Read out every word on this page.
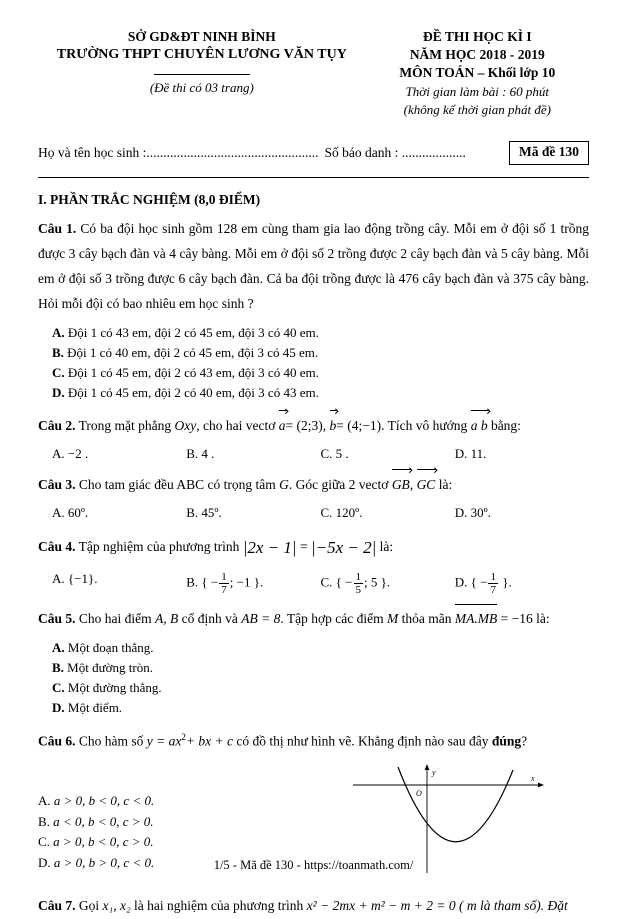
SỞ GD&ĐT NINH BÌNH
TRƯỜNG THPT CHUYÊN LƯƠNG VĂN TỤY
(Đề thi có 03 trang)
ĐỀ THI HỌC KÌ I
NĂM HỌC 2018 - 2019
MÔN TOÁN – Khối lớp 10
Thời gian làm bài : 60 phút
(không kể thời gian phát đề)
Họ và tên học sinh :................................................... Số báo danh : ...................	Mã đề 130
I. PHẦN TRẮC NGHIỆM (8,0 ĐIỂM)
Câu 1. Có ba đội học sinh gồm 128 em cùng tham gia lao động trồng cây. Mỗi em ở đội số 1 trồng được 3 cây bạch đàn và 4 cây bàng. Mỗi em ở đội số 2 trồng được 2 cây bạch đàn và 5 cây bàng. Mỗi em ở đội số 3 trồng được 6 cây bạch đàn. Cả ba đội trồng được là 476 cây bạch đàn và 375 cây bàng. Hỏi mỗi đội có bao nhiêu em học sinh ?
A. Đội 1 có 43 em, đội 2 có 45 em, đội 3 có 40 em.
B. Đội 1 có 40 em, đội 2 có 45 em, đội 3 có 45 em.
C. Đội 1 có 45 em, đội 2 có 43 em, đội 3 có 40 em.
D. Đội 1 có 45 em, đội 2 có 40 em, đội 3 có 43 em.
Câu 2. Trong mặt phẳng Oxy, cho hai vectơ a= (2;3), b= (4;−1). Tích vô hướng a b bằng:
A. −2 .	B. 4 .	C. 5 .	D. 11.
Câu 3. Cho tam giác đều ABC có trọng tâm G. Góc giữa 2 vectơ GB, GC là:
A. 60º.	B. 45º.	C. 120º.	D. 30º.
Câu 4. Tập nghiệm của phương trình |2x − 1| = |−5x − 2| là:
A. {−1}.	B. { − $\frac{1}{7}$ ; −1 }.	C. { − $\frac{1}{5}$ ; 5 }.	D. { − $\frac{1}{7}$ }.
Câu 5. Cho hai điểm A, B cố định và AB = 8. Tập hợp các điểm M thỏa mãn MA.MB = −16 là:
A. Một đoạn thẳng.
B. Một đường tròn.
C. Một đường thẳng.
D. Một điểm.
Câu 6. Cho hàm số $y = ax^2+$ bx + c có đồ thị như hình vẽ. Khẳng định nào sau đây đúng?
A. a > 0, b < 0, c < 0.
B. a < 0, b < 0, c > 0.
C. a > 0, b < 0, c > 0.
D. a > 0, b > 0, c < 0.
y
x
O
Câu 7. Gọi x₁, x₂ là hai nghiệm của phương trình x² − 2mx + m² − m + 2 = 0 ( m là tham số). Đặt
1/5 - Mã đề 130 - https://toanmath.com/
